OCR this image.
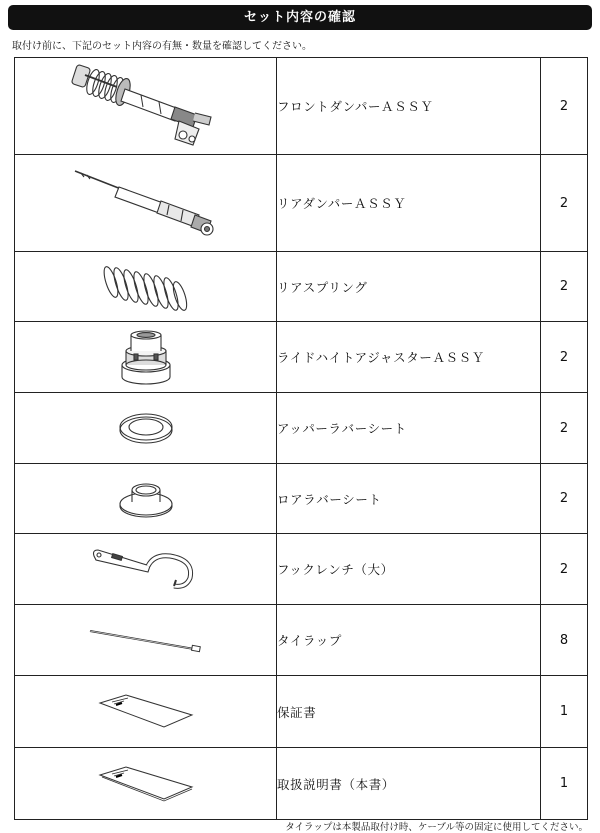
セット内容の確認
取付け前に、下記のセット内容の有無・数量を確認してください。
	フロントダンパーＡＳＳＹ	2
	リアダンパーＡＳＳＹ	2
	リアスプリング	2
	ライドハイトアジャスターＡＳＳＹ	2
	アッパーラバーシート	2
	ロアラバーシート	2
	フックレンチ（大）	2
	タイラップ	8
	保証書	1
	取扱説明書（本書）	1
タイラップは本製品取付け時、ケーブル等の固定に使用してください。
